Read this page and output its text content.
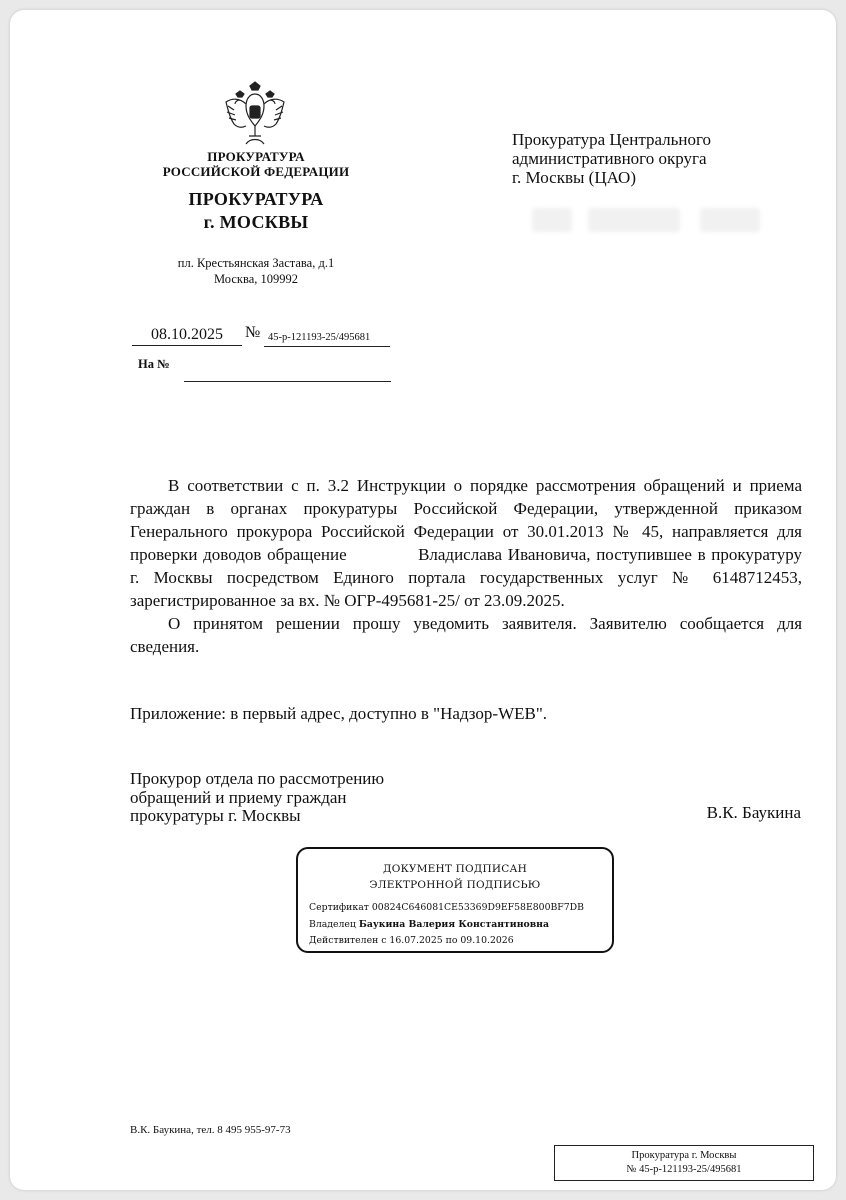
ПРОКУРАТУРА
РОССИЙСКОЙ ФЕДЕРАЦИИ
ПРОКУРАТУРА
г. МОСКВЫ
пл. Крестьянская Застава, д.1
Москва, 109992
08.10.2025	№ 45-р-121193-25/495681
На №
Прокуратура Центрального
административного округа
г. Москвы (ЦАО)

В соответствии с п. 3.2 Инструкции о порядке рассмотрения обращений и приема граждан в органах прокуратуры Российской Федерации, утвержденной приказом Генерального прокурора Российской Федерации от 30.01.2013 № 45, направляется для проверки доводов обращение	Владислава Ивановича, поступившее в прокуратуру г. Москвы посредством Единого портала государственных услуг № 6148712453, зарегистрированное за вх. № ОГР-495681-25/ от 23.09.2025.

О принятом решении прошу уведомить заявителя. Заявителю сообщается для сведения.

Приложение: в первый адрес, доступно в "Надзор-WEB".
Прокурор отдела по рассмотрению
обращений и приему граждан
прокуратуры г. Москвы	В.К. Баукина
ДОКУМЕНТ ПОДПИСАН
ЭЛЕКТРОННОЙ ПОДПИСЬЮ
Сертификат 00824C646081CE53369D9EF58E800BF7DB
Владелец Баукина Валерия Константиновна
Действителен с 16.07.2025 по 09.10.2026
В.К. Баукина, тел. 8 495 955-97-73
Прокуратура г. Москвы
№ 45-р-121193-25/495681
